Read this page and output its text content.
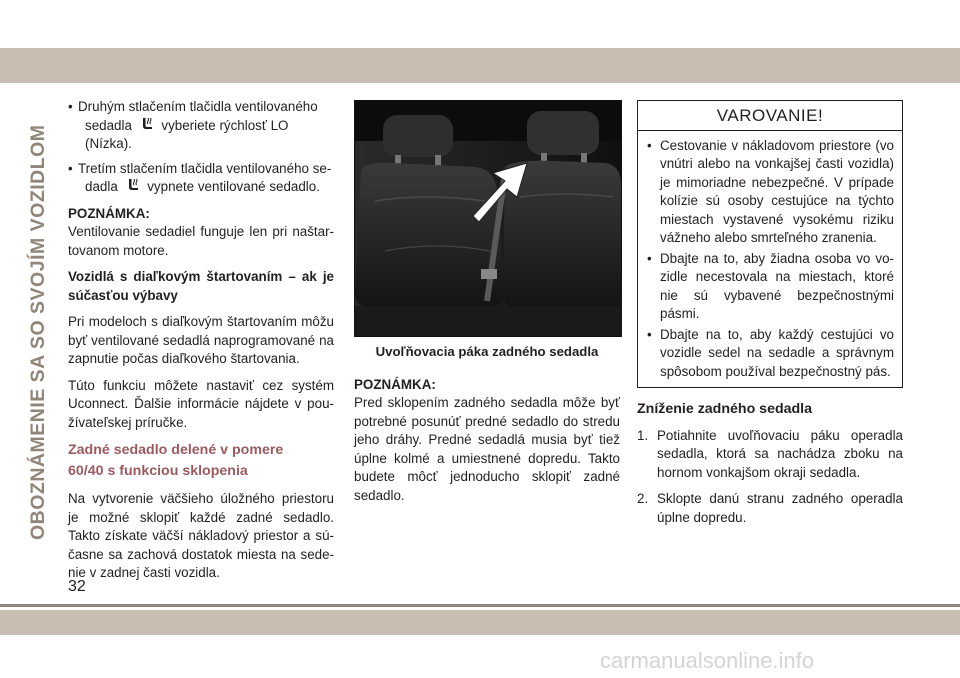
OBOZNÁMENIE SA SO SVOJÍM VOZIDLOM
32
• Druhým stlačením tlačidla ventilovaného
sedadla vyberiete rýchlosť LO (Nízka).
• Tretím stlačením tlačidla ventilovaného se-
dadla vypnete ventilované sedadlo.
POZNÁMKA:

Ventilovanie sedadiel funguje len pri naštar-tovanom motore.

Vozidlá s diaľkovým štartovaním – ak je súčasťou výbavy

Pri modeloch s diaľkovým štartovaním môžu byť ventilované sedadlá naprogramované na zapnutie počas diaľkového štartovania.

Túto funkciu môžete nastaviť cez systém Uconnect. Ďalšie informácie nájdete v pou-žívateľskej príručke.

Zadné sedadlo delené v pomere
60/40 s funkciou sklopenia

Na vytvorenie väčšieho úložného priestoru je možné sklopiť každé zadné sedadlo. Takto získate väčší nákladový priestor a sú-časne sa zachová dostatok miesta na sede-nie v zadnej časti vozidla.

Uvoľňovacia páka zadného sedadla
POZNÁMKA:

Pred sklopením zadného sedadla môže byť potrebné posunúť predné sedadlo do stredu jeho dráhy. Predné sedadlá musia byť tiež úplne kolmé a umiestnené dopredu. Takto budete môcť jednoducho sklopiť zadné sedadlo.

VAROVANIE!
• Cestovanie v nákladovom priestore (vo vnútri alebo na vonkajšej časti vozidla) je mimoriadne nebezpečné. V prípade kolízie sú osoby cestujúce na týchto miestach vystavené vysokému riziku vážneho alebo smrteľného zranenia.
• Dbajte na to, aby žiadna osoba vo vo-zidle necestovala na miestach, ktoré nie sú vybavené bezpečnostnými pásmi.
• Dbajte na to, aby každý cestujúci vo vozidle sedel na sedadle a správnym spôsobom používal bezpečnostný pás.
Zníženie zadného sedadla
1. Potiahnite uvoľňovaciu páku operadla sedadla, ktorá sa nachádza zboku na hornom vonkajšom okraji sedadla.
2. Sklopte danú stranu zadného operadla úplne dopredu.
carmanualsonline.info
